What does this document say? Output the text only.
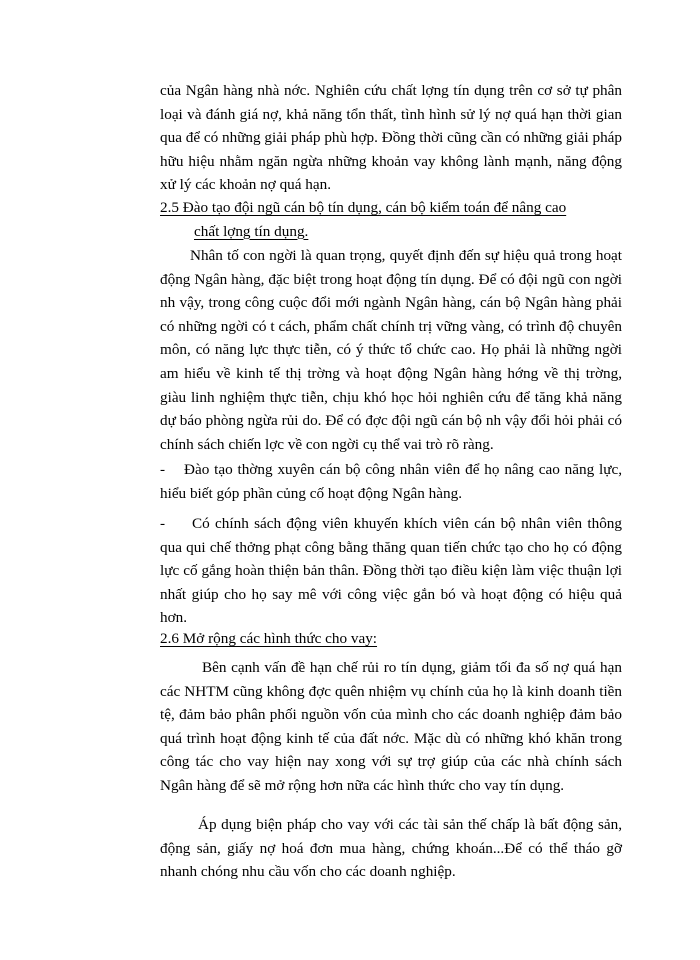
của Ngân hàng nhà nớc. Nghiên cứu chất lợng tín dụng trên cơ sở tự phân loại và đánh giá nợ, khả năng tổn thất, tình hình sử lý nợ quá hạn thời gian qua để có những giải pháp phù hợp. Đồng thời cũng cần có những giải pháp hữu hiệu nhằm ngăn ngừa những khoản vay không lành mạnh, năng động xử lý các khoản nợ quá hạn.

2.5 Đào tạo đội ngũ cán bộ tín dụng, cán bộ kiểm toán để nâng cao
chất lợng tín dụng.

Nhân tố con ngời là quan trọng, quyết định đến sự hiệu quả trong hoạt động Ngân hàng, đặc biệt trong hoạt động tín dụng. Để có đội ngũ con ngời nh vậy, trong công cuộc đổi mới ngành Ngân hàng, cán bộ Ngân hàng phải có những ngời có t cách, phẩm chất chính trị vững vàng, có trình độ chuyên môn, có năng lực thực tiễn, có ý thức tổ chức cao. Họ phải là những ngời am hiểu về kinh tế thị trờng và hoạt động Ngân hàng hớng về thị trờng, giàu linh nghiệm thực tiễn, chịu khó học hỏi nghiên cứu để tăng khả năng dự báo phòng ngừa rủi do. Để có đợc đội ngũ cán bộ nh vậy đổi hỏi phải có chính sách chiến lợc về con ngời cụ thể vai trò rõ ràng.

- Đào tạo thờng xuyên cán bộ công nhân viên để họ nâng cao năng lực, hiểu biết góp phần củng cố hoạt động Ngân hàng.

- Có chính sách động viên khuyến khích viên cán bộ nhân viên thông qua qui chế thởng phạt công bằng thăng quan tiến chức tạo cho họ có động lực cố gắng hoàn thiện bản thân. Đồng thời tạo điều kiện làm việc thuận lợi nhất giúp cho họ say mê với công việc gắn bó và hoạt động có hiệu quả hơn.

2.6 Mở rộng các hình thức cho vay:

Bên cạnh vấn đề hạn chế rủi ro tín dụng, giảm tối đa số nợ quá hạn các NHTM cũng không đợc quên nhiệm vụ chính của họ là kinh doanh tiền tệ, đảm bảo phân phối nguồn vốn của mình cho các doanh nghiệp đảm bảo quá trình hoạt động kinh tế của đất nớc. Mặc dù có những khó khăn trong công tác cho vay hiện nay xong với sự trợ giúp của các nhà chính sách Ngân hàng để sẽ mở rộng hơn nữa các hình thức cho vay tín dụng.

Áp dụng biện pháp cho vay với các tài sản thế chấp là bất động sản, động sản, giấy nợ hoá đơn mua hàng, chứng khoán...Để có thể tháo gỡ nhanh chóng nhu cầu vốn cho các doanh nghiệp.
